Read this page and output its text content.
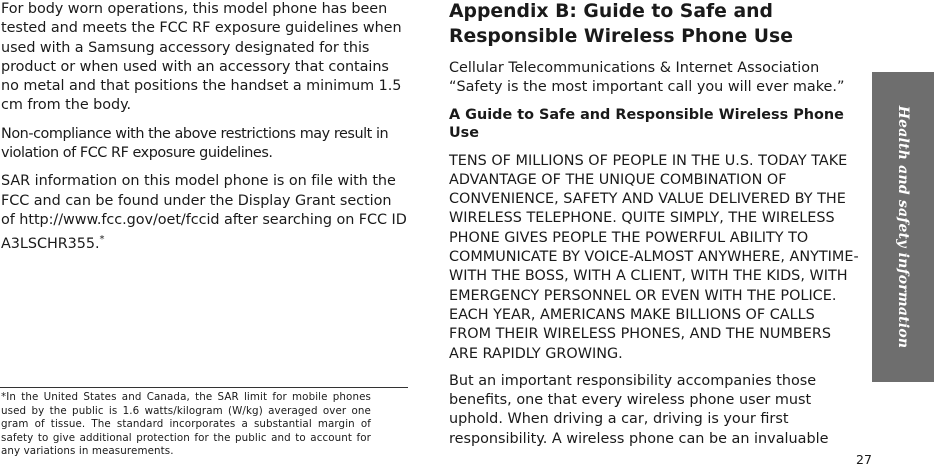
For body worn operations, this model phone has been tested and meets the FCC RF exposure guidelines when used with a Samsung accessory designated for this product or when used with an accessory that contains no metal and that positions the handset a minimum 1.5 cm from the body.

Non-compliance with the above restrictions may result in violation of FCC RF exposure guidelines.

SAR information on this model phone is on file with the FCC and can be found under the Display Grant section of http://www.fcc.gov/oet/fccid after searching on FCC ID A3LSCHR355.*

*In the United States and Canada, the SAR limit for mobile phones used by the public is 1.6 watts/kilogram (W/kg) averaged over one gram of tissue. The standard incorporates a substantial margin of safety to give additional protection for the public and to account for any variations in measurements.
Appendix B: Guide to Safe and Responsible Wireless Phone Use

Cellular Telecommunications & Internet Association
“Safety is the most important call you will ever make.”

A Guide to Safe and Responsible Wireless Phone Use

TENS OF MILLIONS OF PEOPLE IN THE U.S. TODAY TAKE ADVANTAGE OF THE UNIQUE COMBINATION OF CONVENIENCE, SAFETY AND VALUE DELIVERED BY THE WIRELESS TELEPHONE. QUITE SIMPLY, THE WIRELESS PHONE GIVES PEOPLE THE POWERFUL ABILITY TO COMMUNICATE BY VOICE-ALMOST ANYWHERE, ANYTIME-WITH THE BOSS, WITH A CLIENT, WITH THE KIDS, WITH EMERGENCY PERSONNEL OR EVEN WITH THE POLICE. EACH YEAR, AMERICANS MAKE BILLIONS OF CALLS FROM THEIR WIRELESS PHONES, AND THE NUMBERS ARE RAPIDLY GROWING.

But an important responsibility accompanies those benefits, one that every wireless phone user must uphold. When driving a car, driving is your first responsibility. A wireless phone can be an invaluable

Health and safety information
27
